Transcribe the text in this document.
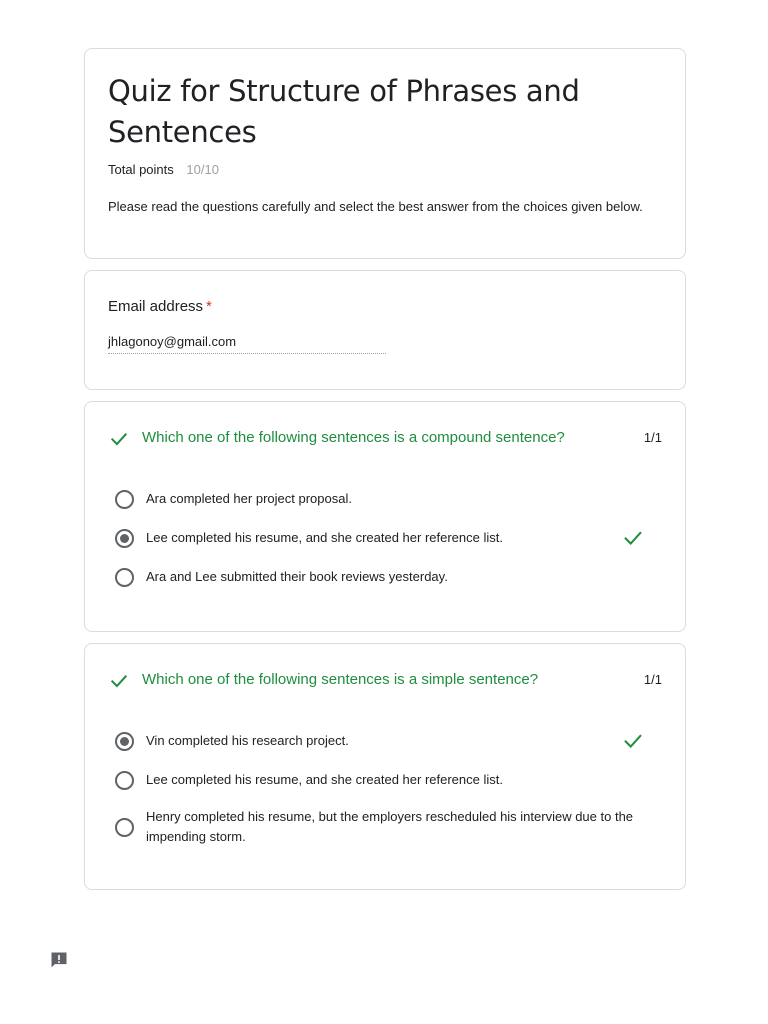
Quiz for Structure of Phrases and Sentences
Total points 10/10
Please read the questions carefully and select the best answer from the choices given below.
Email address *
jhlagonoy@gmail.com
Which one of the following sentences is a compound sentence?	1/1
Ara completed her project proposal.
Lee completed his resume, and she created her reference list.
Ara and Lee submitted their book reviews yesterday.
Which one of the following sentences is a simple sentence?	1/1
Vin completed his research project.
Lee completed his resume, and she created her reference list.
Henry completed his resume, but the employers rescheduled his interview due to the impending storm.
